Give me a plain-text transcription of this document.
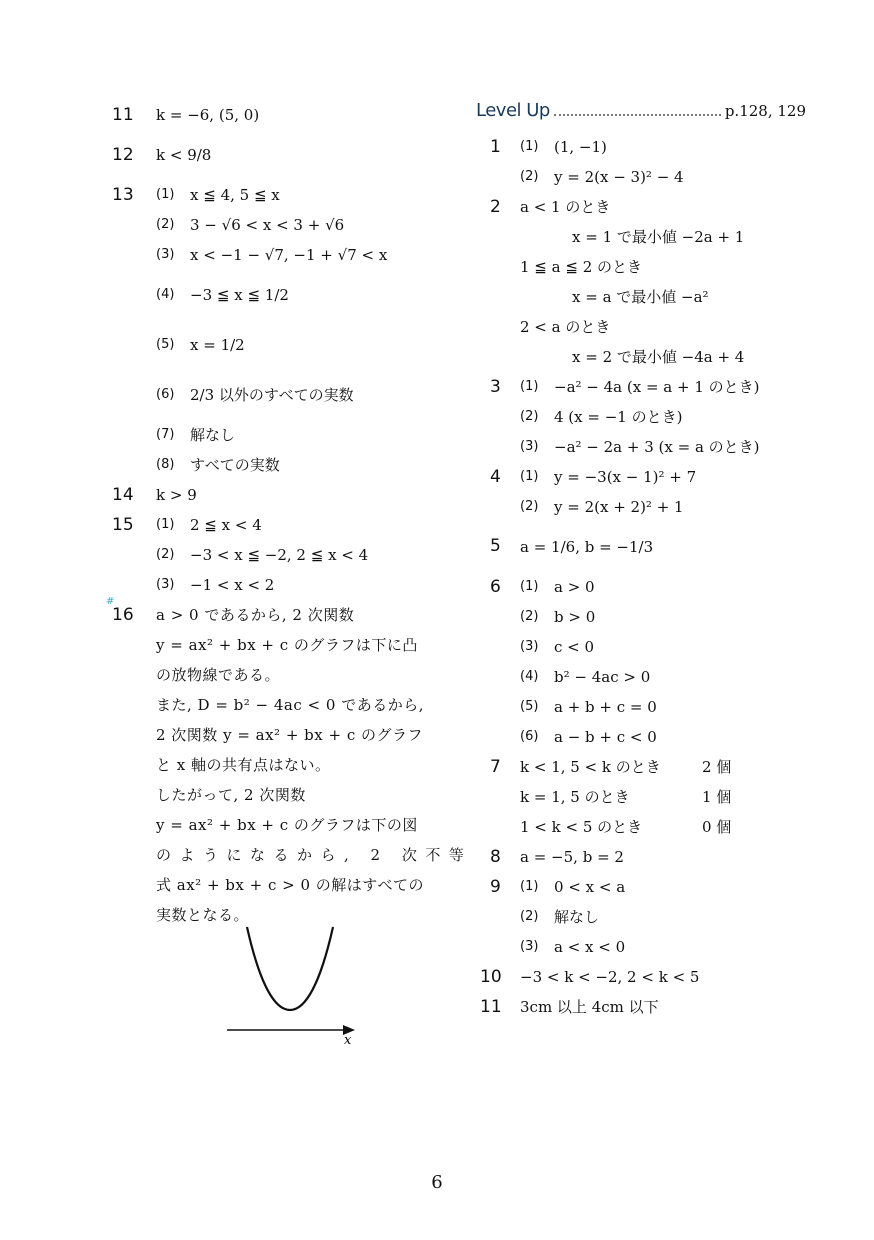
#
11	k = −6, (5, 0)
12	k < 9/8
13	(1)	x ≦ 4, 5 ≦ x
(2)	3 − √6 < x < 3 + √6
(3)	x < −1 − √7, −1 + √7 < x
(4)	−3 ≦ x ≦ 1/2
(5)	x = 1/2
(6)	2/3 以外のすべての実数
(7)	解なし
(8)	すべての実数
14	k > 9
15	(1)	2 ≦ x < 4
(2)	−3 < x ≦ −2, 2 ≦ x < 4
(3)	−1 < x < 2
16	a > 0 であるから, 2 次関数
y = ax² + bx + c のグラフは下に凸
の放物線である。
また, D = b² − 4ac < 0 であるから,
2 次関数 y = ax² + bx + c のグラフ
と x 軸の共有点はない。
したがって, 2 次関数
y = ax² + bx + c のグラフは下の図
のようになるから, 2 次不等
式 ax² + bx + c > 0 の解はすべての
実数となる。
x
Level Up	p.128, 129
1	(1)	(1, −1)
(2)	y = 2(x − 3)² − 4
2	a < 1 のとき
x = 1 で最小値 −2a + 1
1 ≦ a ≦ 2 のとき
x = a で最小値 −a²
2 < a のとき
x = 2 で最小値 −4a + 4
3	(1)	−a² − 4a (x = a + 1 のとき)
(2)	4 (x = −1 のとき)
(3)	−a² − 2a + 3 (x = a のとき)
4	(1)	y = −3(x − 1)² + 7
(2)	y = 2(x + 2)² + 1
5	a = 1/6, b = −1/3
6	(1)	a > 0
(2)	b > 0
(3)	c < 0
(4)	b² − 4ac > 0
(5)	a + b + c = 0
(6)	a − b + c < 0
7	k < 1, 5 < k のとき	2 個
k = 1, 5 のとき	1 個
1 < k < 5 のとき	0 個
8	a = −5, b = 2
9	(1)	0 < x < a
(2)	解なし
(3)	a < x < 0
10	−3 < k < −2, 2 < k < 5
11	3cm 以上 4cm 以下
6
